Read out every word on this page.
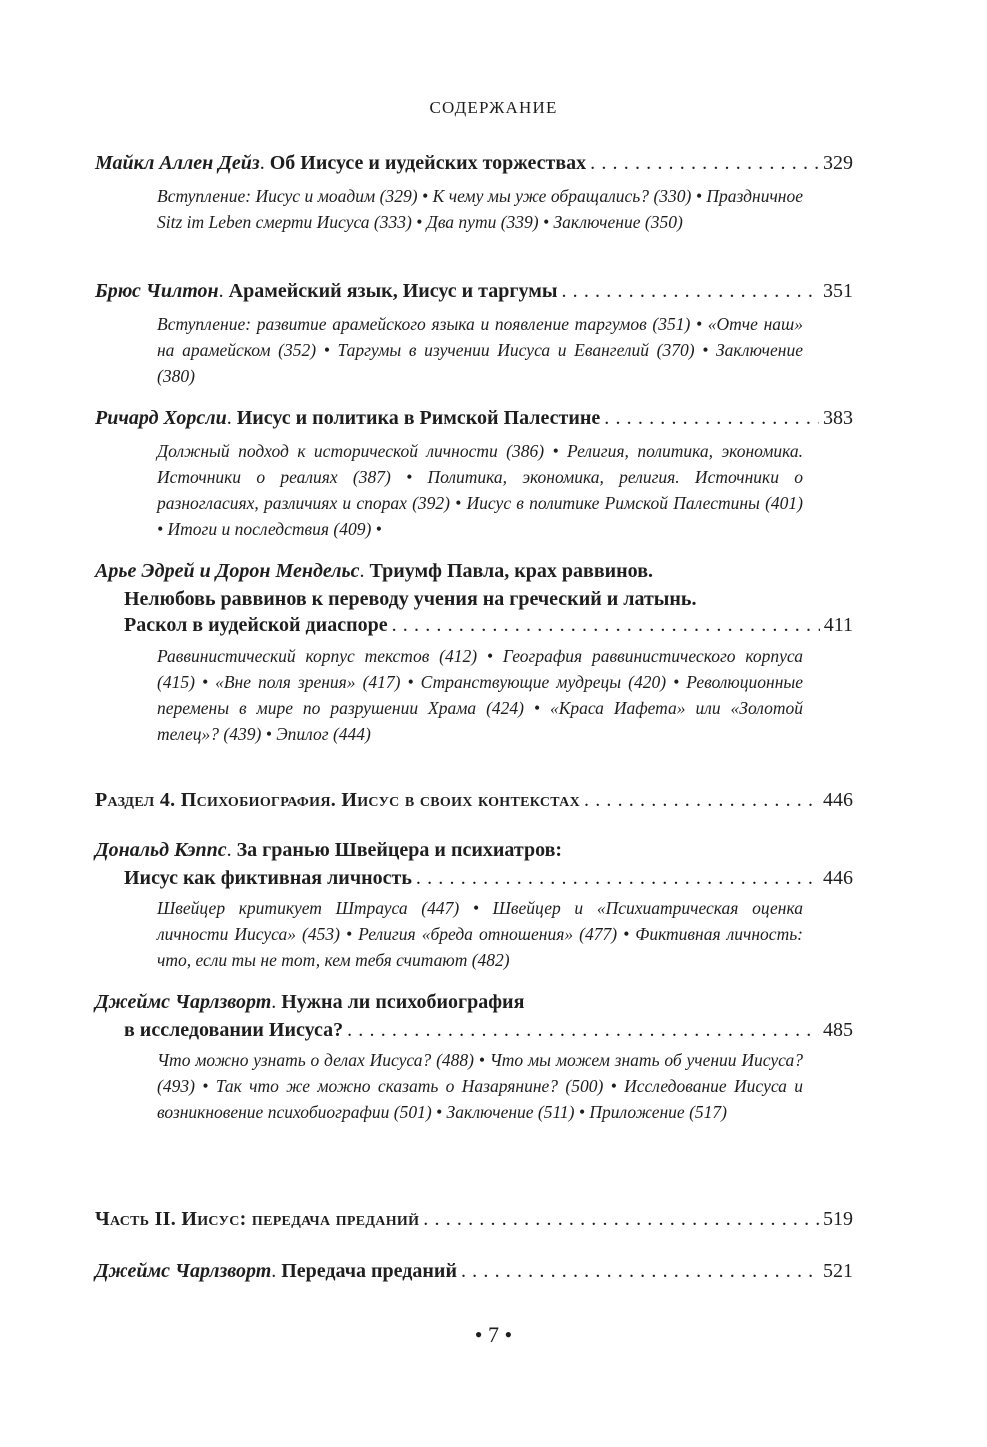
СОДЕРЖАНИЕ
Майкл Аллен Дейз. Об Иисусе и иудейских торжествах . . .	329
Вступление: Иисус и моадим (329) • К чему мы уже обращались? (330) • Праздничное Sitz im Leben смерти Иисуса (333) • Два пути (339) • Заключение (350)
Брюс Чилтон. Арамейский язык, Иисус и таргумы . . .	351
Вступление: развитие арамейского языка и появление таргумов (351) • «Отче наш» на арамейском (352) • Таргумы в изучении Иисуса и Евангелий (370) • Заключение (380)
Ричард Хорсли. Иисус и политика в Римской Палестине . . .	383
Должный подход к исторической личности (386) • Религия, политика, экономика. Источники о реалиях (387) • Политика, экономика, религия. Источники о разногласиях, различиях и спорах (392) • Иисус в политике Римской Палестины (401) • Итоги и последствия (409) •
Арье Эдрей и Дорон Мендельс. Триумф Павла, крах раввинов.
Нелюбовь раввинов к переводу учения на греческий и латынь.
Раскол в иудейской диаспоре . . .	411
Раввинистический корпус текстов (412) • География раввинистического корпуса (415) • «Вне поля зрения» (417) • Странствующие мудрецы (420) • Революционные перемены в мире по разрушении Храма (424) • «Краса Иафета» или «Золотой телец»? (439) • Эпилог (444)
Раздел 4. Психобиография. Иисус в своих контекстах . . .	446
Дональд Кэппс. За гранью Швейцера и психиатров:
Иисус как фиктивная личность . . .	446
Швейцер критикует Штрауса (447) • Швейцер и «Психиатрическая оценка личности Иисуса» (453) • Религия «бреда отношения» (477) • Фиктивная личность: что, если ты не тот, кем тебя считают (482)
Джеймс Чарлзворт. Нужна ли психобиография
в исследовании Иисуса? . . .	485
Что можно узнать о делах Иисуса? (488) • Что мы можем знать об учении Иисуса? (493) • Так что же можно сказать о Назарянине? (500) • Исследование Иисуса и возникновение психобиографии (501) • Заключение (511) • Приложение (517)
Часть II. Иисус: передача преданий . . .	519
Джеймс Чарлзворт. Передача преданий . . .	521
• 7 •
